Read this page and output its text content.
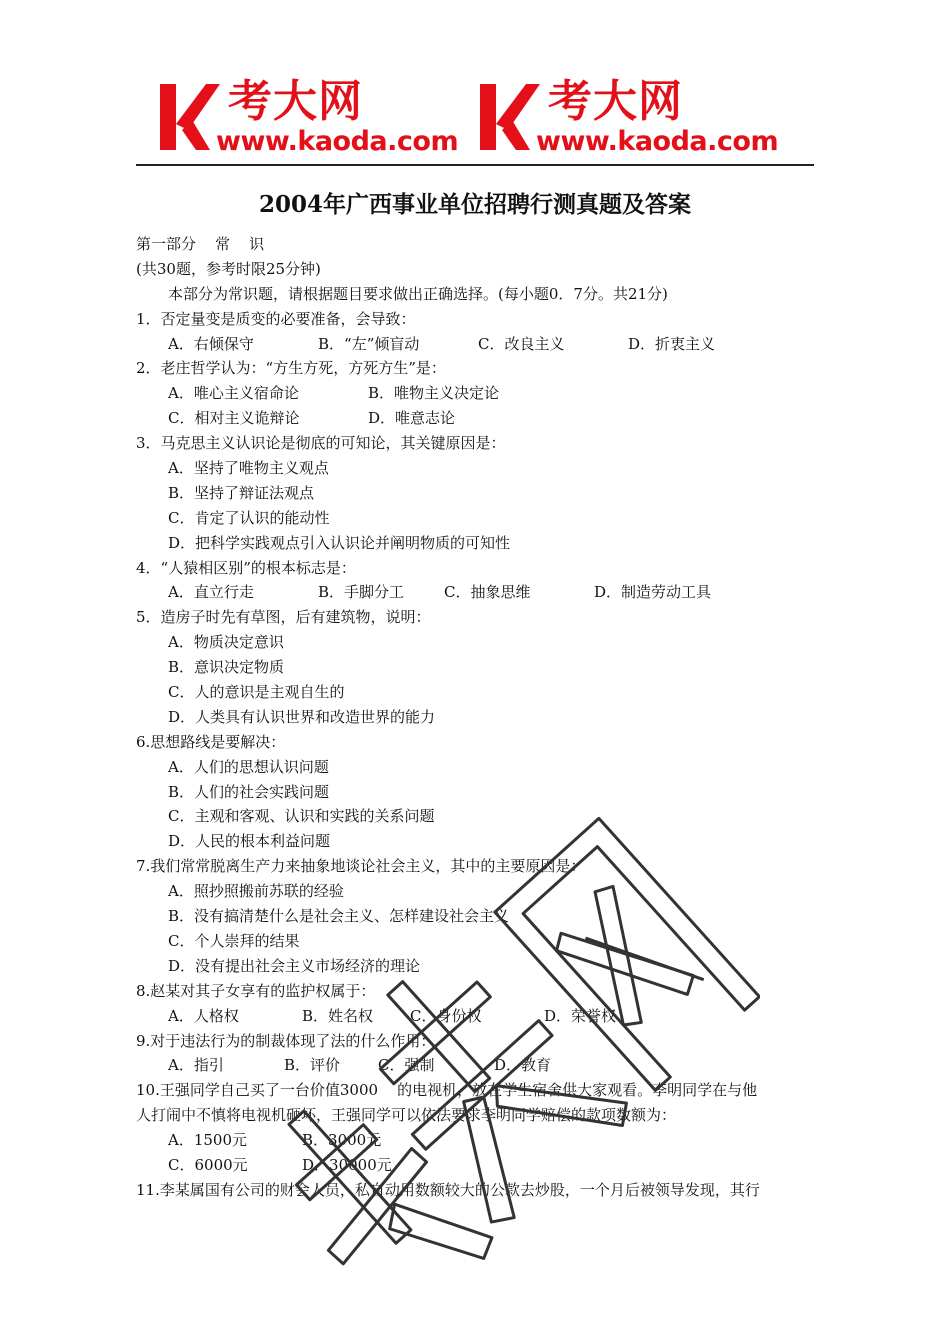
考大网
www.kaoda.com
考大网
www.kaoda.com
2004年广西事业单位招聘行测真题及答案
第一部分    常    识
(共30题，参考时限25分钟)
本部分为常识题，请根据题目要求做出正确选择。(每小题0．7分。共21分)
1．否定量变是质变的必要准备，会导致：
A．右倾保守	B．“左”倾盲动	C．改良主义	D．折衷主义
2．老庄哲学认为：“方生方死，方死方生”是：
A．唯心主义宿命论	B．唯物主义决定论
C．相对主义诡辩论	D．唯意志论
3．马克思主义认识论是彻底的可知论，其关键原因是：
A．坚持了唯物主义观点
B．坚持了辩证法观点
C．肯定了认识的能动性
D．把科学实践观点引入认识论并阐明物质的可知性
4．“人猿相区别”的根本标志是：
A．直立行走	B．手脚分工	C．抽象思维	D．制造劳动工具
5．造房子时先有草图，后有建筑物，说明：
A．物质决定意识
B．意识决定物质
C．人的意识是主观自生的
D．人类具有认识世界和改造世界的能力
6.思想路线是要解决：
A．人们的思想认识问题
B．人们的社会实践问题
C．主观和客观、认识和实践的关系问题
D．人民的根本利益问题
7.我们常常脱离生产力来抽象地谈论社会主义，其中的主要原因是：
A．照抄照搬前苏联的经验
B．没有搞清楚什么是社会主义、怎样建设社会主义
C．个人崇拜的结果
D．没有提出社会主义市场经济的理论
8.赵某对其子女享有的监护权属于：
A．人格权	B．姓名权 C．身份权	D．荣誉权
9.对于违法行为的制裁体现了法的什么作用：
A．指引	B．评价	C．强制	D．教育
10.王强同学自己买了一台价值3000    的电视机，放在学生宿舍供大家观看。李明同学在与他
人打闹中不慎将电视机砸坏，王强同学可以依法要求李明同学赔偿的款项数额为：
A．1500元	B．3000元
C．6000元	D．30000元
11.李某属国有公司的财会人员，私自动用数额较大的公款去炒股，一个月后被领导发现，其行
